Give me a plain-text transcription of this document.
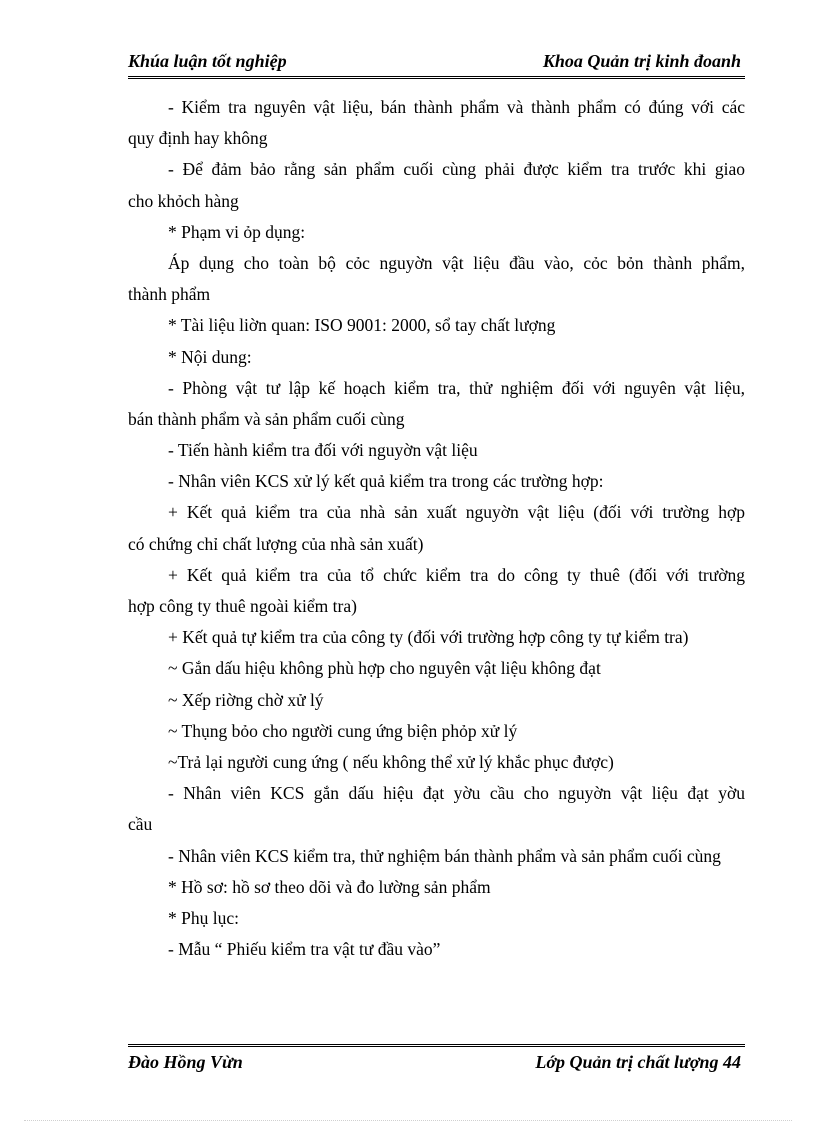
Khúa luận tốt nghiệp	Khoa Quản trị kinh đoanh
- Kiểm tra nguyên vật liệu, bán thành phẩm và thành phẩm có đúng với các
quy định hay không
- Để đảm bảo rằng sản phẩm cuối cùng phải được kiểm tra trước khi giao
cho khỏch hàng
* Phạm vi ỏp dụng:
Áp dụng cho toàn bộ cỏc nguyờn vật liệu đầu vào, cỏc bỏn thành phẩm,
thành phẩm
* Tài liệu liờn quan: ISO 9001: 2000, sổ tay chất lượng
* Nội dung:
- Phòng vật tư lập kế hoạch kiểm tra, thử nghiệm đối với nguyên vật liệu,
bán thành phẩm và sản phẩm cuối cùng
- Tiến hành kiểm tra đối với nguyờn vật liệu
- Nhân viên KCS xử lý kết quả kiểm tra trong các trường hợp:
+ Kết quả kiểm tra của nhà sản xuất nguyờn vật liệu (đối với trường hợp
có chứng chỉ chất lượng của nhà sản xuất)
+ Kết quả kiểm tra của tổ chức kiểm tra do công ty thuê (đối với trường
hợp công ty thuê ngoài kiểm tra)
+ Kết quả tự kiểm tra của công ty (đối với trường hợp công ty tự kiểm tra)
~ Gắn dấu hiệu không phù hợp cho nguyên vật liệu không đạt
~ Xếp riờng chờ xử lý
~ Thụng bỏo cho người cung ứng biện phỏp xử lý
~Trả lại người cung ứng ( nếu không thể xử lý khắc phục được)
- Nhân viên KCS gắn dấu hiệu đạt yờu cầu cho nguyờn vật liệu đạt yờu
cầu
- Nhân viên KCS kiểm tra, thử nghiệm bán thành phẩm và sản phẩm cuối cùng
* Hồ sơ: hồ sơ theo dõi và đo lường sản phẩm
* Phụ lục:
- Mẫu “ Phiếu kiểm tra vật tư đầu vào”
Đào Hồng Vừn	Lớp Quản trị chất lượng 44
